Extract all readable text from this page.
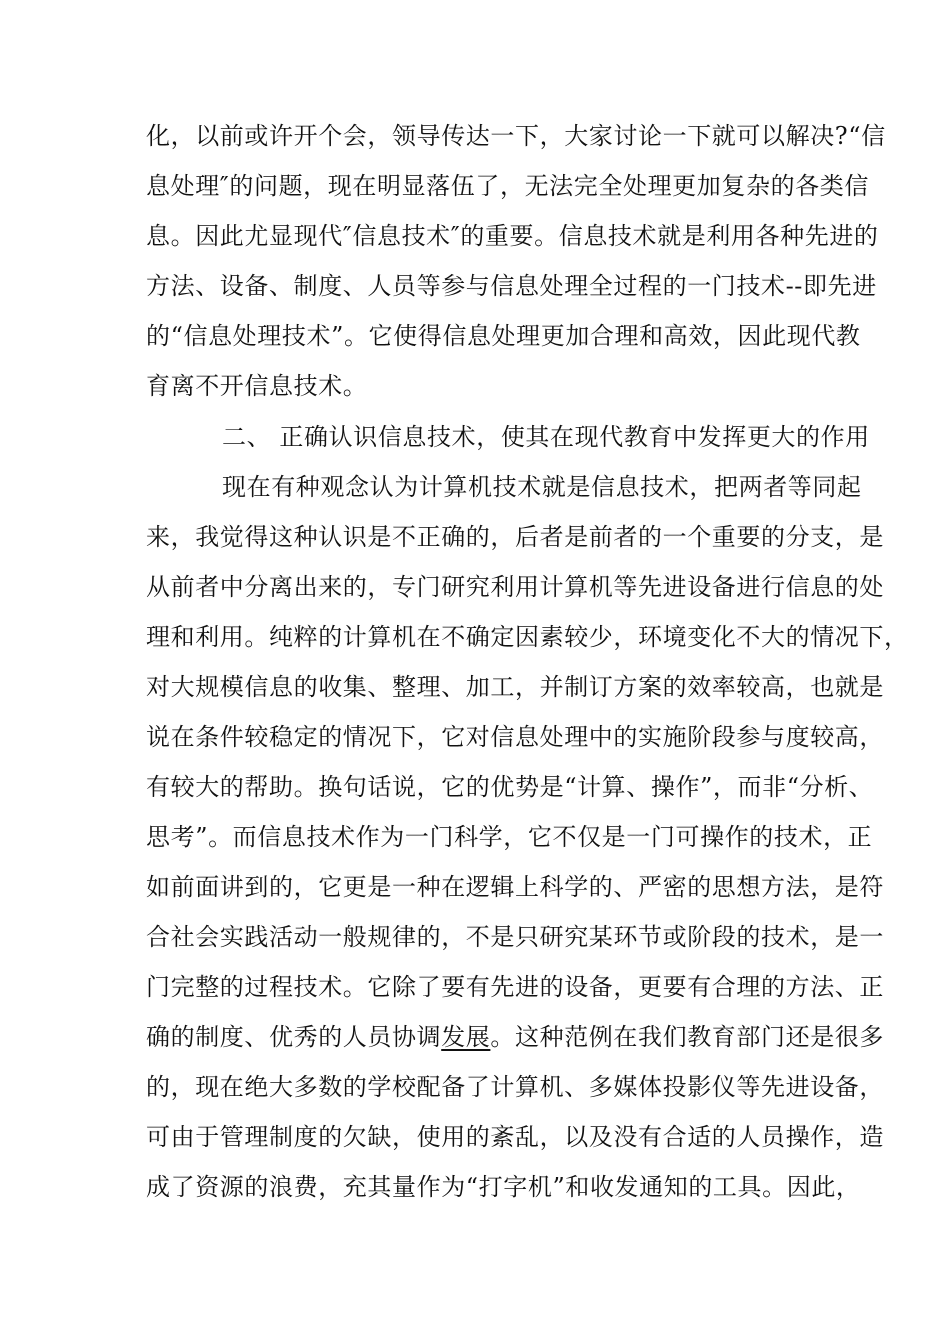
化，以前或许开个会，领导传达一下，大家讨论一下就可以解决?“信
息处理″的问题，现在明显落伍了，无法完全处理更加复杂的各类信
息。因此尤显现代″信息技术″的重要。信息技术就是利用各种先进的
方法、设备、制度、人员等参与信息处理全过程的一门技术--即先进
的“信息处理技术”。它使得信息处理更加合理和高效，因此现代教
育离不开信息技术。
二、 正确认识信息技术，使其在现代教育中发挥更大的作用
现在有种观念认为计算机技术就是信息技术，把两者等同起
来，我觉得这种认识是不正确的，后者是前者的一个重要的分支，是
从前者中分离出来的，专门研究利用计算机等先进设备进行信息的处
理和利用。纯粹的计算机在不确定因素较少，环境变化不大的情况下，
对大规模信息的收集、整理、加工，并制订方案的效率较高，也就是
说在条件较稳定的情况下，它对信息处理中的实施阶段参与度较高，
有较大的帮助。换句话说，它的优势是“计算、操作”，而非“分析、
思考”。而信息技术作为一门科学，它不仅是一门可操作的技术，正
如前面讲到的，它更是一种在逻辑上科学的、严密的思想方法，是符
合社会实践活动一般规律的，不是只研究某环节或阶段的技术，是一
门完整的过程技术。它除了要有先进的设备，更要有合理的方法、正
确的制度、优秀的人员协调发展。这种范例在我们教育部门还是很多
的，现在绝大多数的学校配备了计算机、多媒体投影仪等先进设备，
可由于管理制度的欠缺，使用的紊乱，以及没有合适的人员操作，造
成了资源的浪费，充其量作为“打字机”和收发通知的工具。因此，
